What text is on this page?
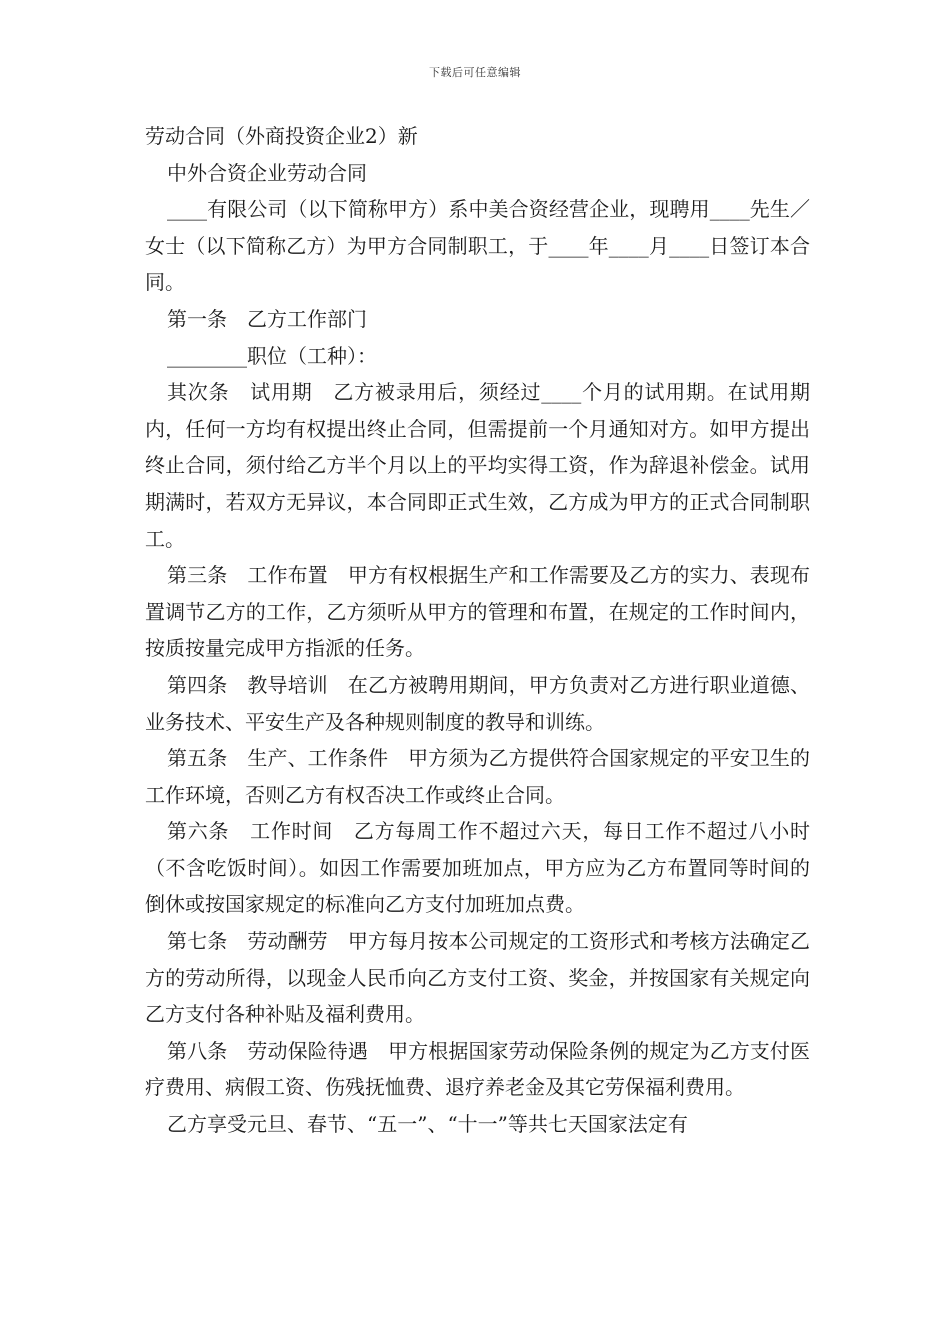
下载后可任意编辑

劳动合同（外商投资企业2）新

中外合资企业劳动合同

____有限公司（以下简称甲方）系中美合资经营企业，现聘用____先生／女士（以下简称乙方）为甲方合同制职工，于____年____月____日签订本合同。

第一条　乙方工作部门

________职位（工种）：

其次条　试用期　乙方被录用后，须经过____个月的试用期。在试用期内，任何一方均有权提出终止合同，但需提前一个月通知对方。如甲方提出终止合同，须付给乙方半个月以上的平均实得工资，作为辞退补偿金。试用期满时，若双方无异议，本合同即正式生效，乙方成为甲方的正式合同制职工。

第三条　工作布置　甲方有权根据生产和工作需要及乙方的实力、表现布置调节乙方的工作，乙方须听从甲方的管理和布置，在规定的工作时间内，按质按量完成甲方指派的任务。

第四条　教导培训　在乙方被聘用期间，甲方负责对乙方进行职业道德、业务技术、平安生产及各种规则制度的教导和训练。

第五条　生产、工作条件　甲方须为乙方提供符合国家规定的平安卫生的工作环境，否则乙方有权否决工作或终止合同。

第六条　工作时间　乙方每周工作不超过六天，每日工作不超过八小时（不含吃饭时间）。如因工作需要加班加点，甲方应为乙方布置同等时间的倒休或按国家规定的标准向乙方支付加班加点费。

第七条　劳动酬劳　甲方每月按本公司规定的工资形式和考核方法确定乙方的劳动所得，以现金人民币向乙方支付工资、奖金，并按国家有关规定向乙方支付各种补贴及福利费用。

第八条　劳动保险待遇　甲方根据国家劳动保险条例的规定为乙方支付医疗费用、病假工资、伤残抚恤费、退疗养老金及其它劳保福利费用。

乙方享受元旦、春节、“五一”、“十一”等共七天国家法定有
